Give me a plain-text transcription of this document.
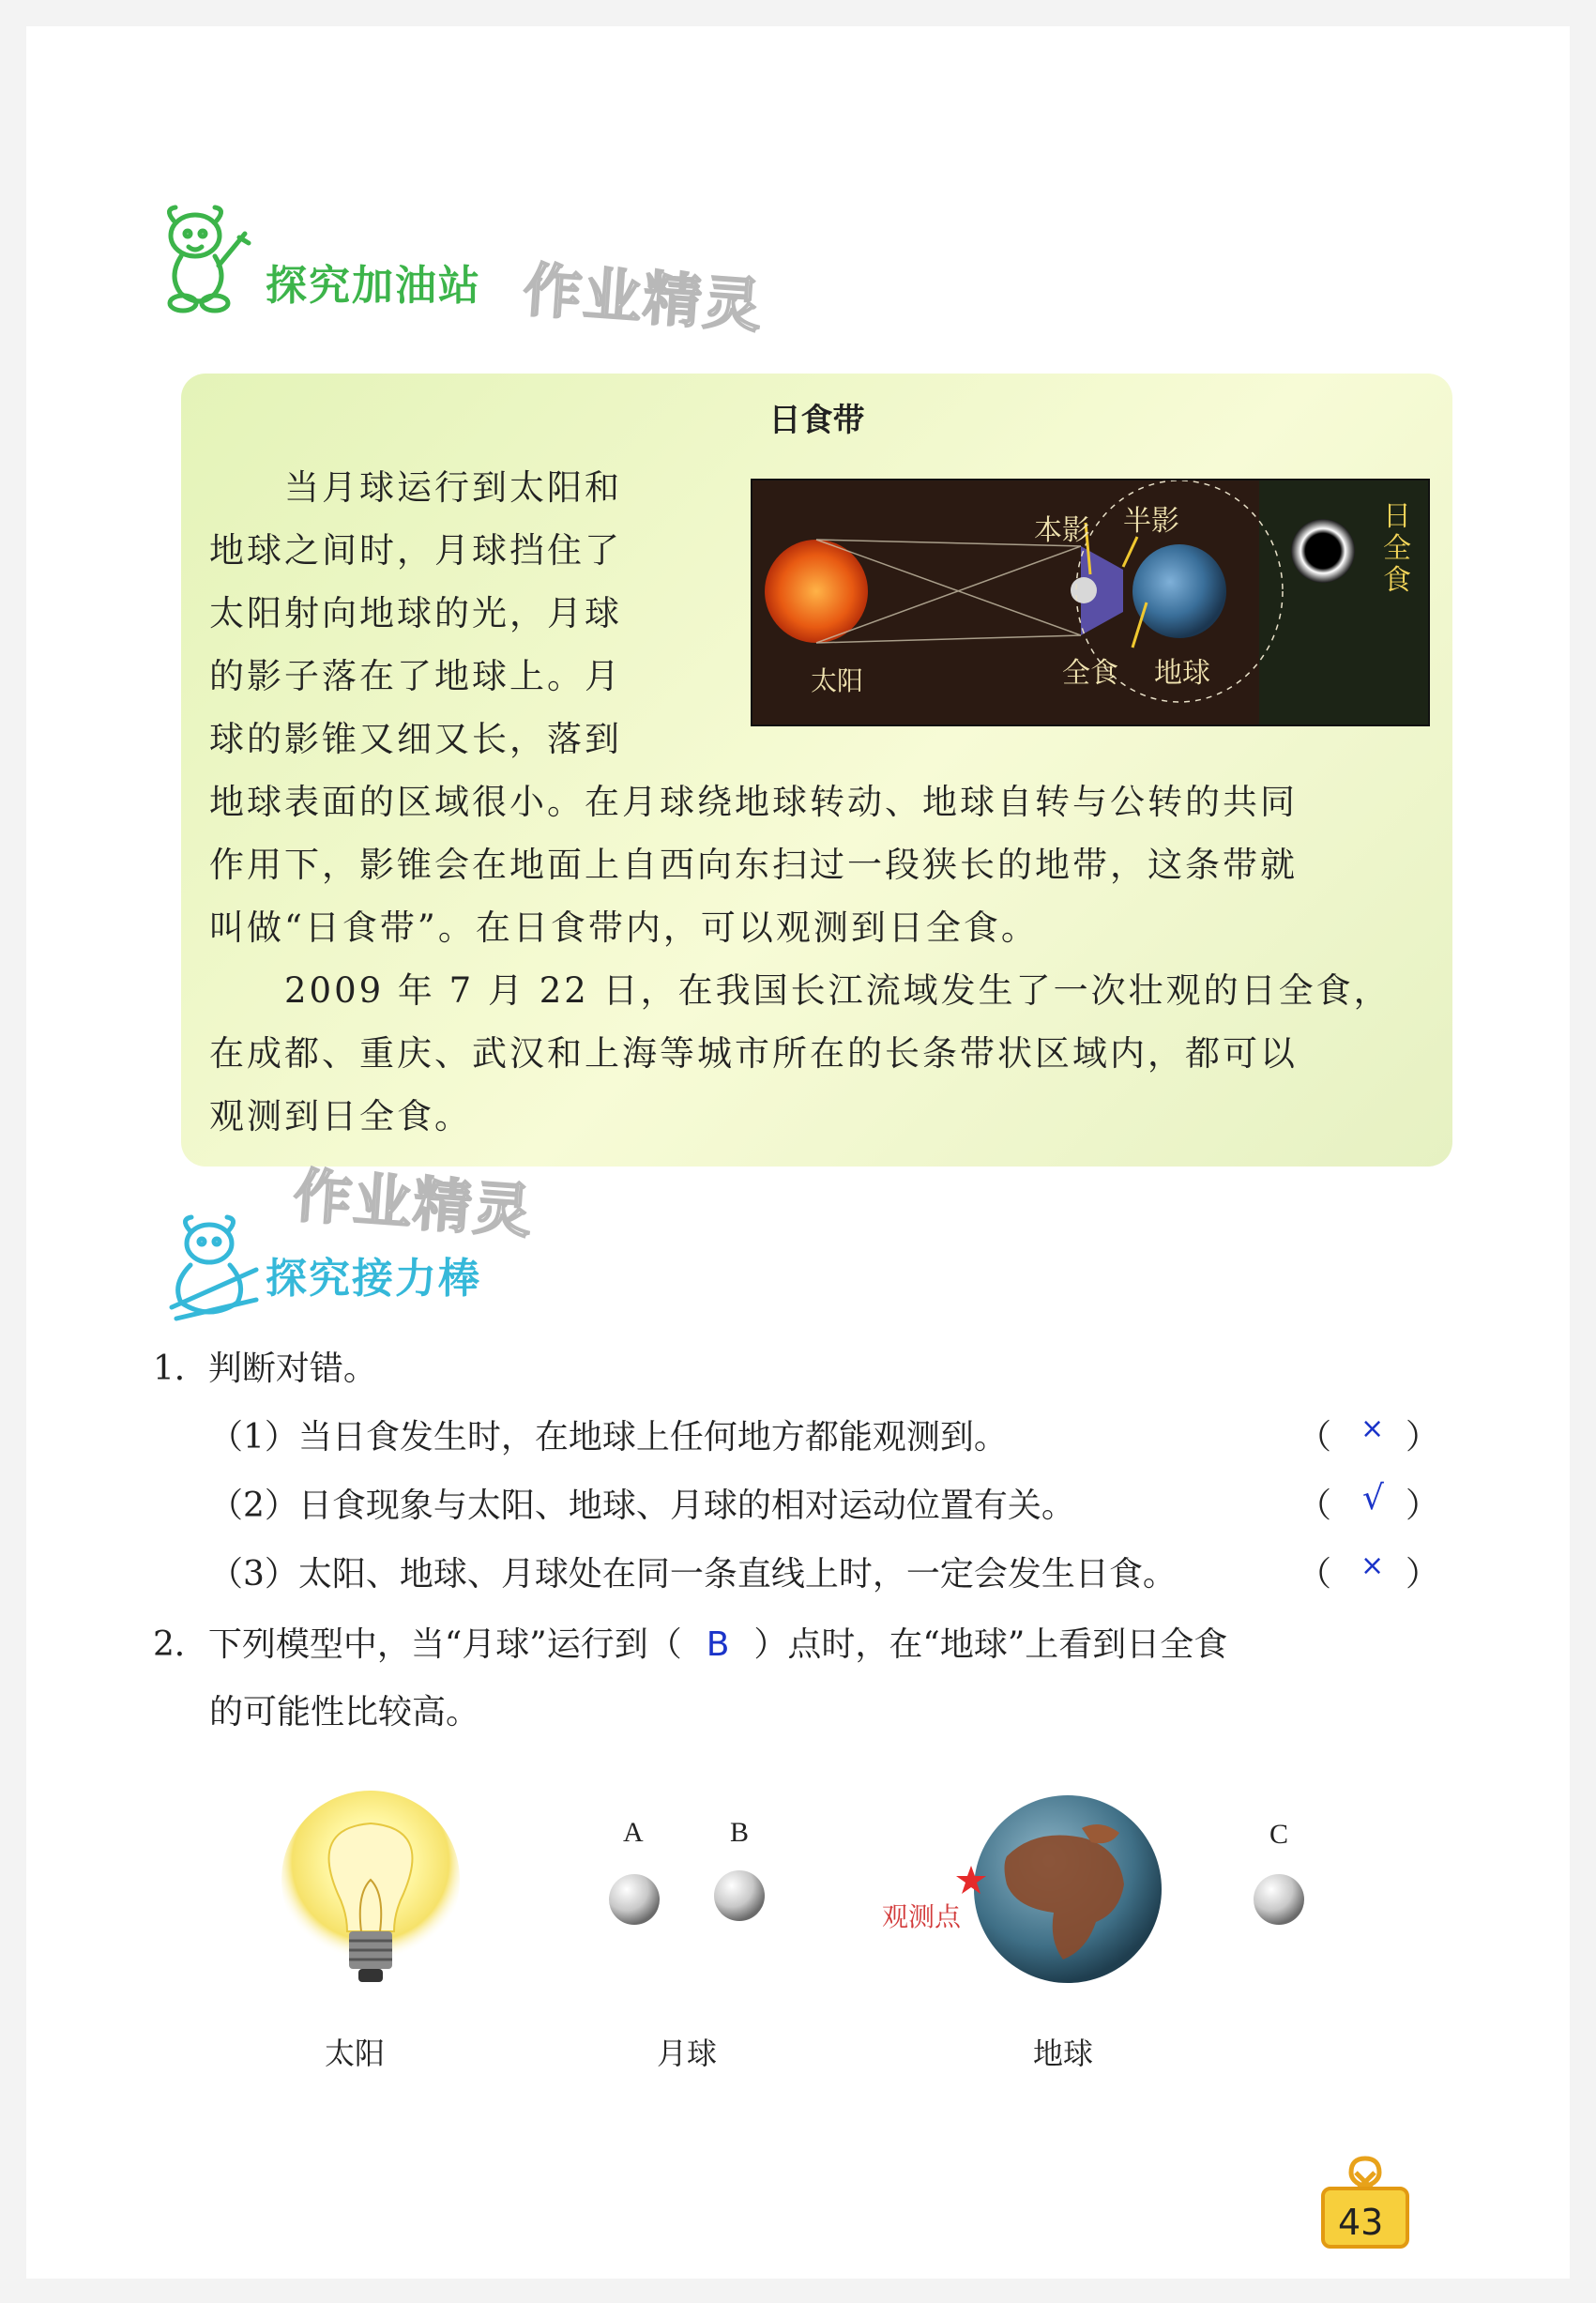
探究加油站 作业精灵
日食带
当月球运行到太阳和
地球之间时，月球挡住了
太阳射向地球的光，月球
的影子落在了地球上。月
球的影锥又细又长，落到
地球表面的区域很小。在月球绕地球转动、地球自转与公转的共同
作用下，影锥会在地面上自西向东扫过一段狭长的地带，这条带就
叫做“日食带”。在日食带内，可以观测到日全食。
2009 年 7 月 22 日，在我国长江流域发生了一次壮观的日全食，
在成都、重庆、武汉和上海等城市所在的长条带状区域内，都可以
观测到日全食。
本影 半影
太阳	全食 地球
日
全
食
作业精灵
探究接力棒
1．判断对错。
（1）当日食发生时，在地球上任何地方都能观测到。	（ × ）
（2）日食现象与太阳、地球、月球的相对运动位置有关。	（ √ ）
（3）太阳、地球、月球处在同一条直线上时，一定会发生日食。	（ × ）
2．下列模型中，当“月球”运行到（ B ）点时，在“地球”上看到日全食
的可能性比较高。
A	B	C
观测点
太阳	月球	地球
43
